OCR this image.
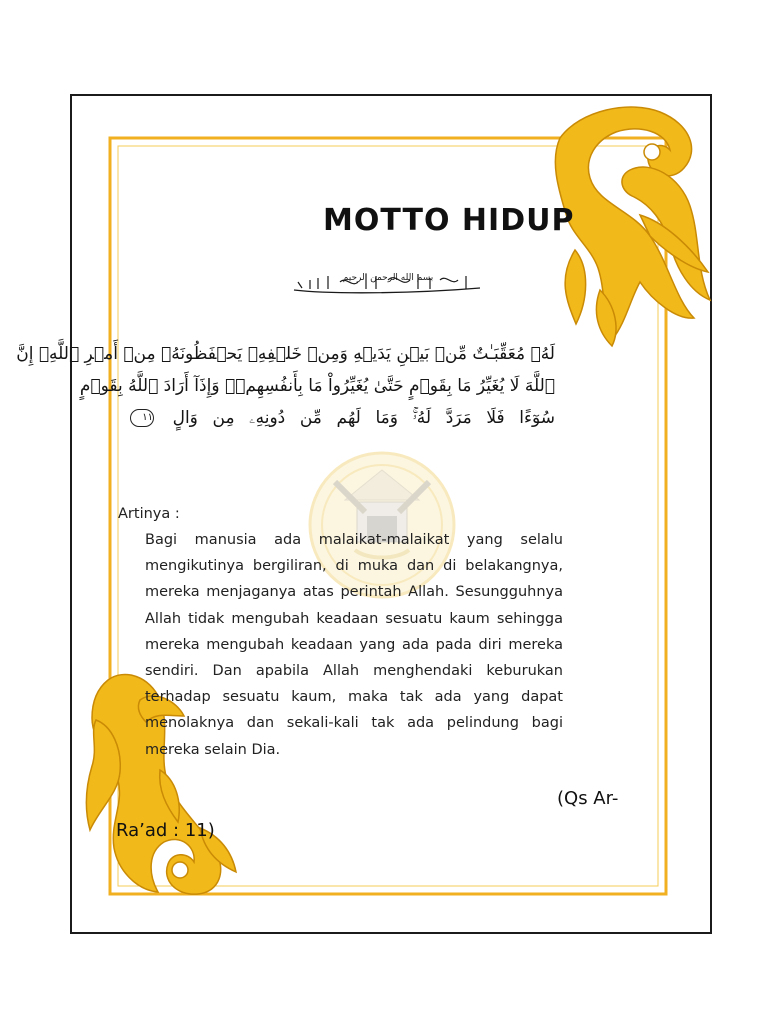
MOTTO HIDUP
بسم الله الرحمن الرحيم
لَهُۥ مُعَقِّبَـٰتٌ مِّنۢ بَيۡنِ يَدَيۡهِ وَمِنۡ خَلۡفِهِۦ يَحۡفَظُونَهُۥ مِنۡ أَمۡرِ ٱللَّهِۗ إِنَّ
ٱللَّهَ لَا يُغَيِّرُ مَا بِقَوۡمٍ حَتَّىٰ يُغَيِّرُواْ مَا بِأَنفُسِهِمۡۗ وَإِذَآ أَرَادَ ٱللَّهُ بِقَوۡمٍ
سُوٓءًا فَلَا مَرَدَّ لَهُۥۚ وَمَا لَهُم مِّن دُونِهِۦ مِن وَالٍ ١١
Artinya :
Bagi manusia ada malaikat-malaikat yang selalu mengikutinya bergiliran, di muka dan di belakangnya, mereka menjaganya atas perintah Allah. Sesungguhnya Allah tidak mengubah keadaan sesuatu kaum sehingga mereka mengubah keadaan yang ada pada diri mereka sendiri. Dan apabila Allah menghendaki keburukan terhadap sesuatu kaum, maka tak ada yang dapat menolaknya dan sekali-kali tak ada pelindung bagi mereka selain Dia.
(Qs Ar-
Ra’ad : 11)
